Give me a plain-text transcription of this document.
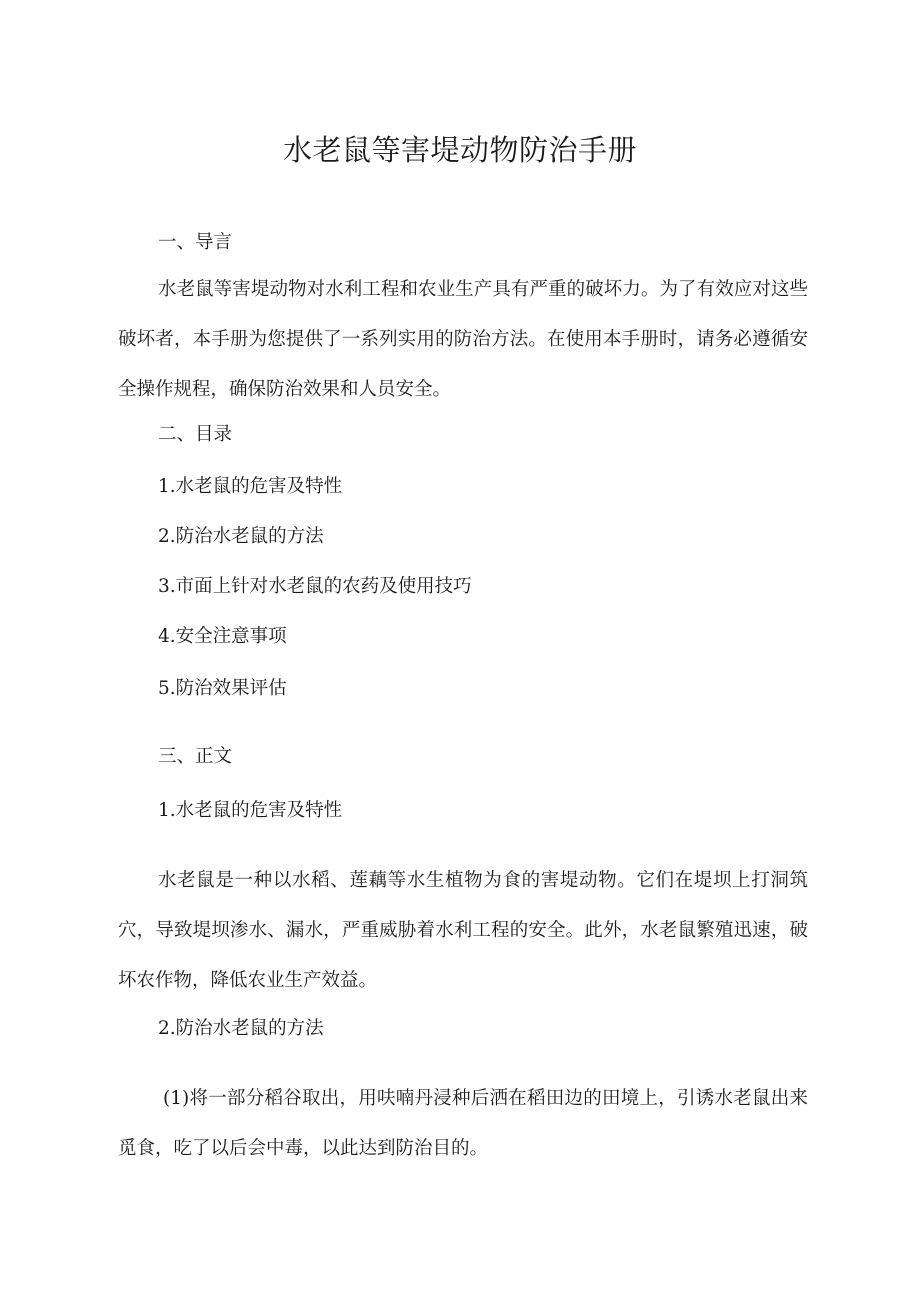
水老鼠等害堤动物防治手册

一、导言

水老鼠等害堤动物对水利工程和农业生产具有严重的破坏力。为了有效应对这些破坏者，本手册为您提供了一系列实用的防治方法。在使用本手册时，请务必遵循安全操作规程，确保防治效果和人员安全。

二、目录

1.水老鼠的危害及特性

2.防治水老鼠的方法

3.市面上针对水老鼠的农药及使用技巧

4.安全注意事项

5.防治效果评估

三、正文

1.水老鼠的危害及特性

水老鼠是一种以水稻、莲藕等水生植物为食的害堤动物。它们在堤坝上打洞筑穴，导致堤坝渗水、漏水，严重威胁着水利工程的安全。此外，水老鼠繁殖迅速，破坏农作物，降低农业生产效益。

2.防治水老鼠的方法

(1)将一部分稻谷取出，用呋喃丹浸种后洒在稻田边的田境上，引诱水老鼠出来觅食，吃了以后会中毒，以此达到防治目的。
